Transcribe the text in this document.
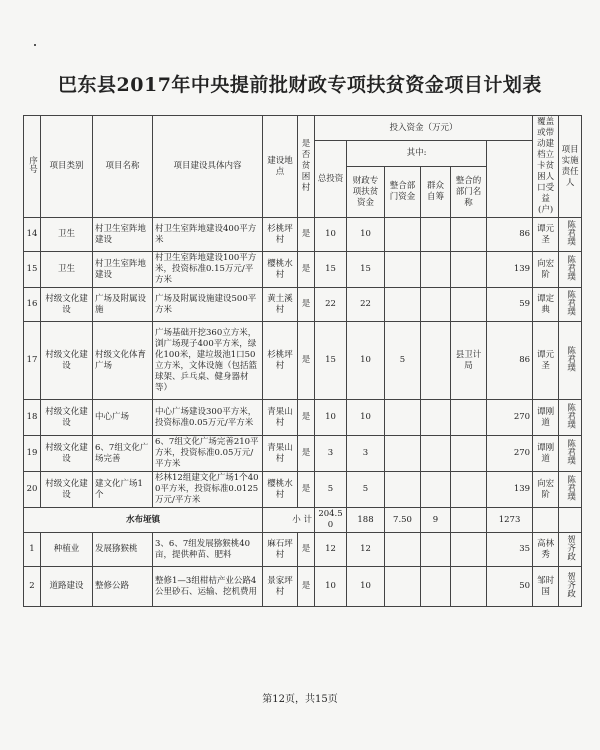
巴东县2017年中央提前批财政专项扶贫资金项目计划表
序号	项目类别	项目名称	项目建设具体内容	建设地点	是否贫困村	投入资金（万元）						覆盖或带动建档立卡贫困人口受益(户)	项目实施责任人	
						总投资	其中:							
							财政专项扶贫资金	整合部门资金	群众自筹	整合的部门名称				
14	卫生	村卫生室阵地建设	村卫生室阵地建设400平方米	杉桃坪村	是	10	10				86	谭元圣	陈君璞	
15	卫生	村卫生室阵地建设	村卫生室阵地建设100平方米，投资标准0.15万元/平方米	樱桃水村	是	15	15				139	向宏阶	陈君璞	
16	村级文化建设	广场及附属设施	广场及附属设施建设500平方米	黄土溪村	是	22	22				59	谭定典	陈君璞	
17	村级文化建设	村级文化体育广场	广场基础开挖360立方米，浏广场现子400平方米，绿化100米，建垃圾池1口50立方米，文体设施（包括篮球架、乒乓桌、健身器材等）	杉桃坪村	是	15	10	5		县卫计局	86	谭元圣	陈君璞	
18	村级文化建设	中心广场	中心广场建设300平方米，投资标准0.05万元/平方米	青果山村	是	10	10				270	谭刚道	陈君璞	
19	村级文化建设	6、7组文化广场完善	6、7组文化广场完善210平方米，投资标准0.05万元/平方米	青果山村	是	3	3				270	谭刚道	陈君璞	
20	村级文化建设	建文化广场1个	杉林12组建文化广场1个400平方米，投资标准0.0125万元/平方米	樱桃水村	是	5	5				139	向宏阶	陈君璞	
水布垭镇				小 计		204.50	188	7.50	9		1273			
1	种植业	发展猕猴桃	3、6、7组发展猕猴桃40亩，提供种苗、肥料	麻石坪村	是	12	12				35	高林秀	贺齐政	
2	道路建设	整修公路	整修1—3组柑桔产业公路4公里砂石、运输、挖机费用	景家坪村	是	10	10				50	邹时国	贺齐政	
第12页，共15页
